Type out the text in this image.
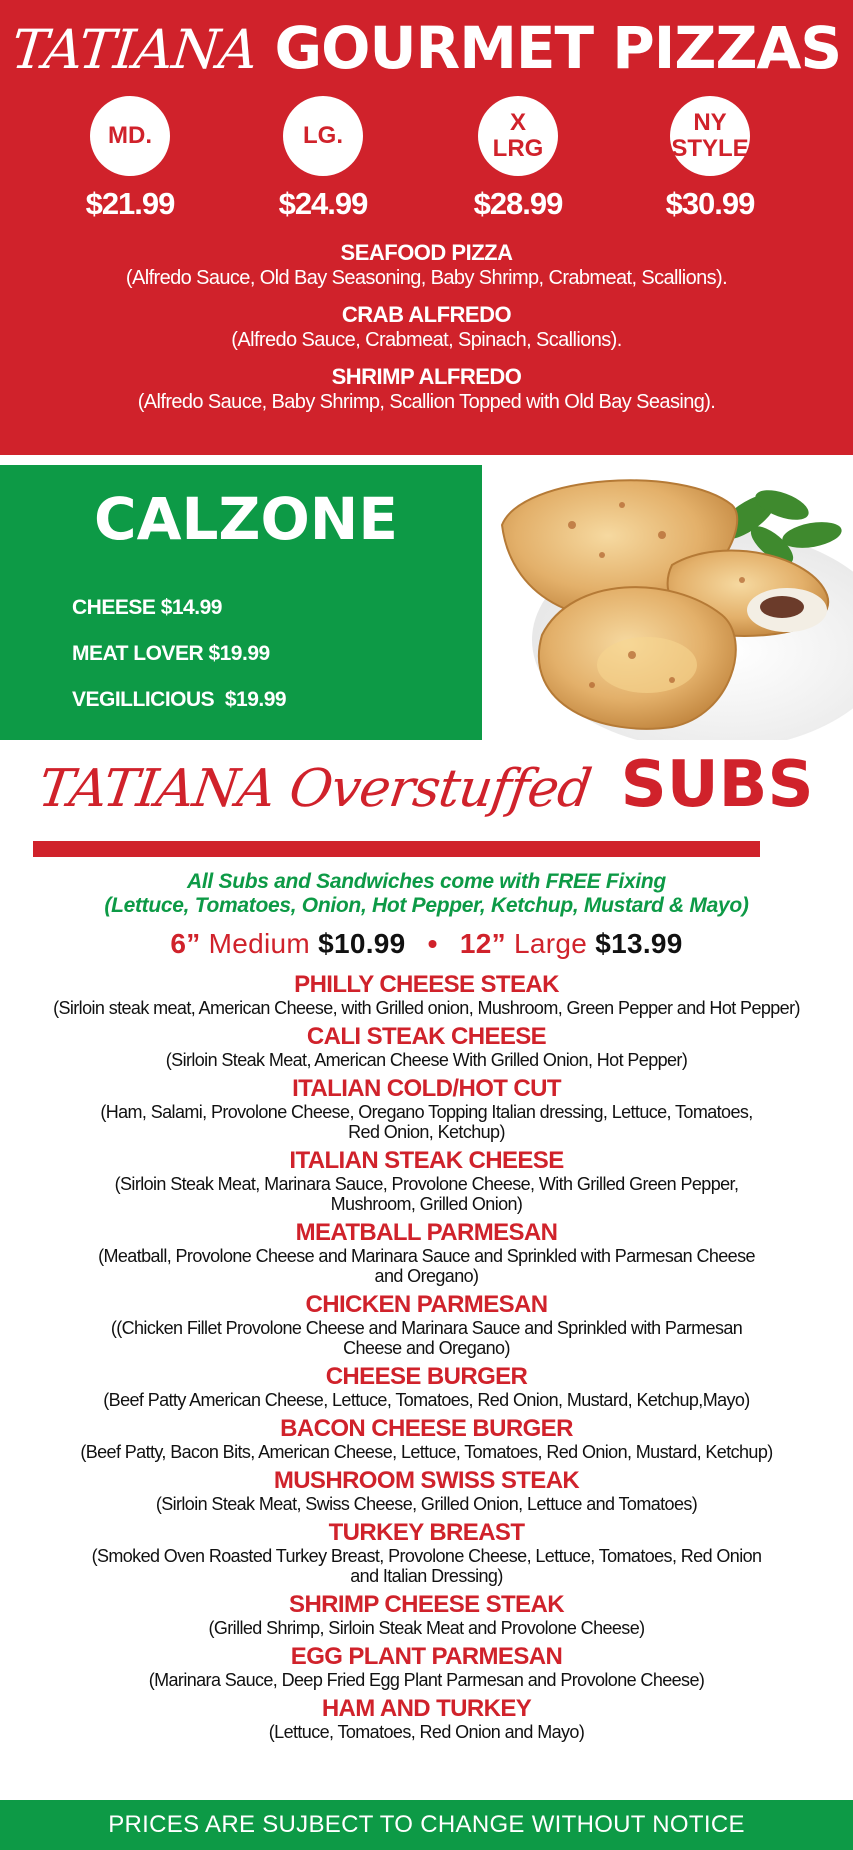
TATIANA GOURMET PIZZAS
MD.
$21.99
LG.
$24.99
X
LRG
$28.99
NY
STYLE
$30.99
SEAFOOD PIZZA
(Alfredo Sauce, Old Bay Seasoning, Baby Shrimp, Crabmeat, Scallions).
CRAB ALFREDO
(Alfredo Sauce, Crabmeat, Spinach, Scallions).
SHRIMP ALFREDO
(Alfredo Sauce, Baby Shrimp, Scallion Topped with Old Bay Seasing).
CALZONE
CHEESE $14.99
MEAT LOVER $19.99
VEGILLICIOUS  $19.99
TATIANA Overstuffed SUBS
All Subs and Sandwiches come with FREE Fixing
(Lettuce, Tomatoes, Onion, Hot Pepper, Ketchup, Mustard & Mayo)
6” Medium $10.99 • 12” Large $13.99
PHILLY CHEESE STEAK
(Sirloin steak meat, American Cheese, with Grilled onion, Mushroom, Green Pepper and Hot Pepper)
CALI STEAK CHEESE
(Sirloin Steak Meat, American Cheese With Grilled Onion, Hot Pepper)
ITALIAN COLD/HOT CUT
(Ham, Salami, Provolone Cheese, Oregano Topping Italian dressing, Lettuce, Tomatoes, Red Onion, Ketchup)
ITALIAN STEAK CHEESE
(Sirloin Steak Meat, Marinara Sauce, Provolone Cheese, With Grilled Green Pepper, Mushroom, Grilled Onion)
MEATBALL PARMESAN
(Meatball, Provolone Cheese and Marinara Sauce and Sprinkled with Parmesan Cheese and Oregano)
CHICKEN PARMESAN
((Chicken Fillet Provolone Cheese and Marinara Sauce and Sprinkled with Parmesan Cheese and Oregano)
CHEESE BURGER
(Beef Patty American Cheese, Lettuce, Tomatoes, Red Onion, Mustard, Ketchup,Mayo)
BACON CHEESE BURGER
(Beef Patty, Bacon Bits, American Cheese, Lettuce, Tomatoes, Red Onion, Mustard, Ketchup)
MUSHROOM SWISS STEAK
(Sirloin Steak Meat, Swiss Cheese, Grilled Onion, Lettuce and Tomatoes)
TURKEY BREAST
(Smoked Oven Roasted Turkey Breast, Provolone Cheese, Lettuce, Tomatoes, Red Onion and Italian Dressing)
SHRIMP CHEESE STEAK
(Grilled Shrimp, Sirloin Steak Meat and Provolone Cheese)
EGG PLANT PARMESAN
(Marinara Sauce, Deep Fried Egg Plant Parmesan and Provolone Cheese)
HAM AND TURKEY
(Lettuce, Tomatoes, Red Onion and Mayo)
PRICES ARE SUJBECT TO CHANGE WITHOUT NOTICE
